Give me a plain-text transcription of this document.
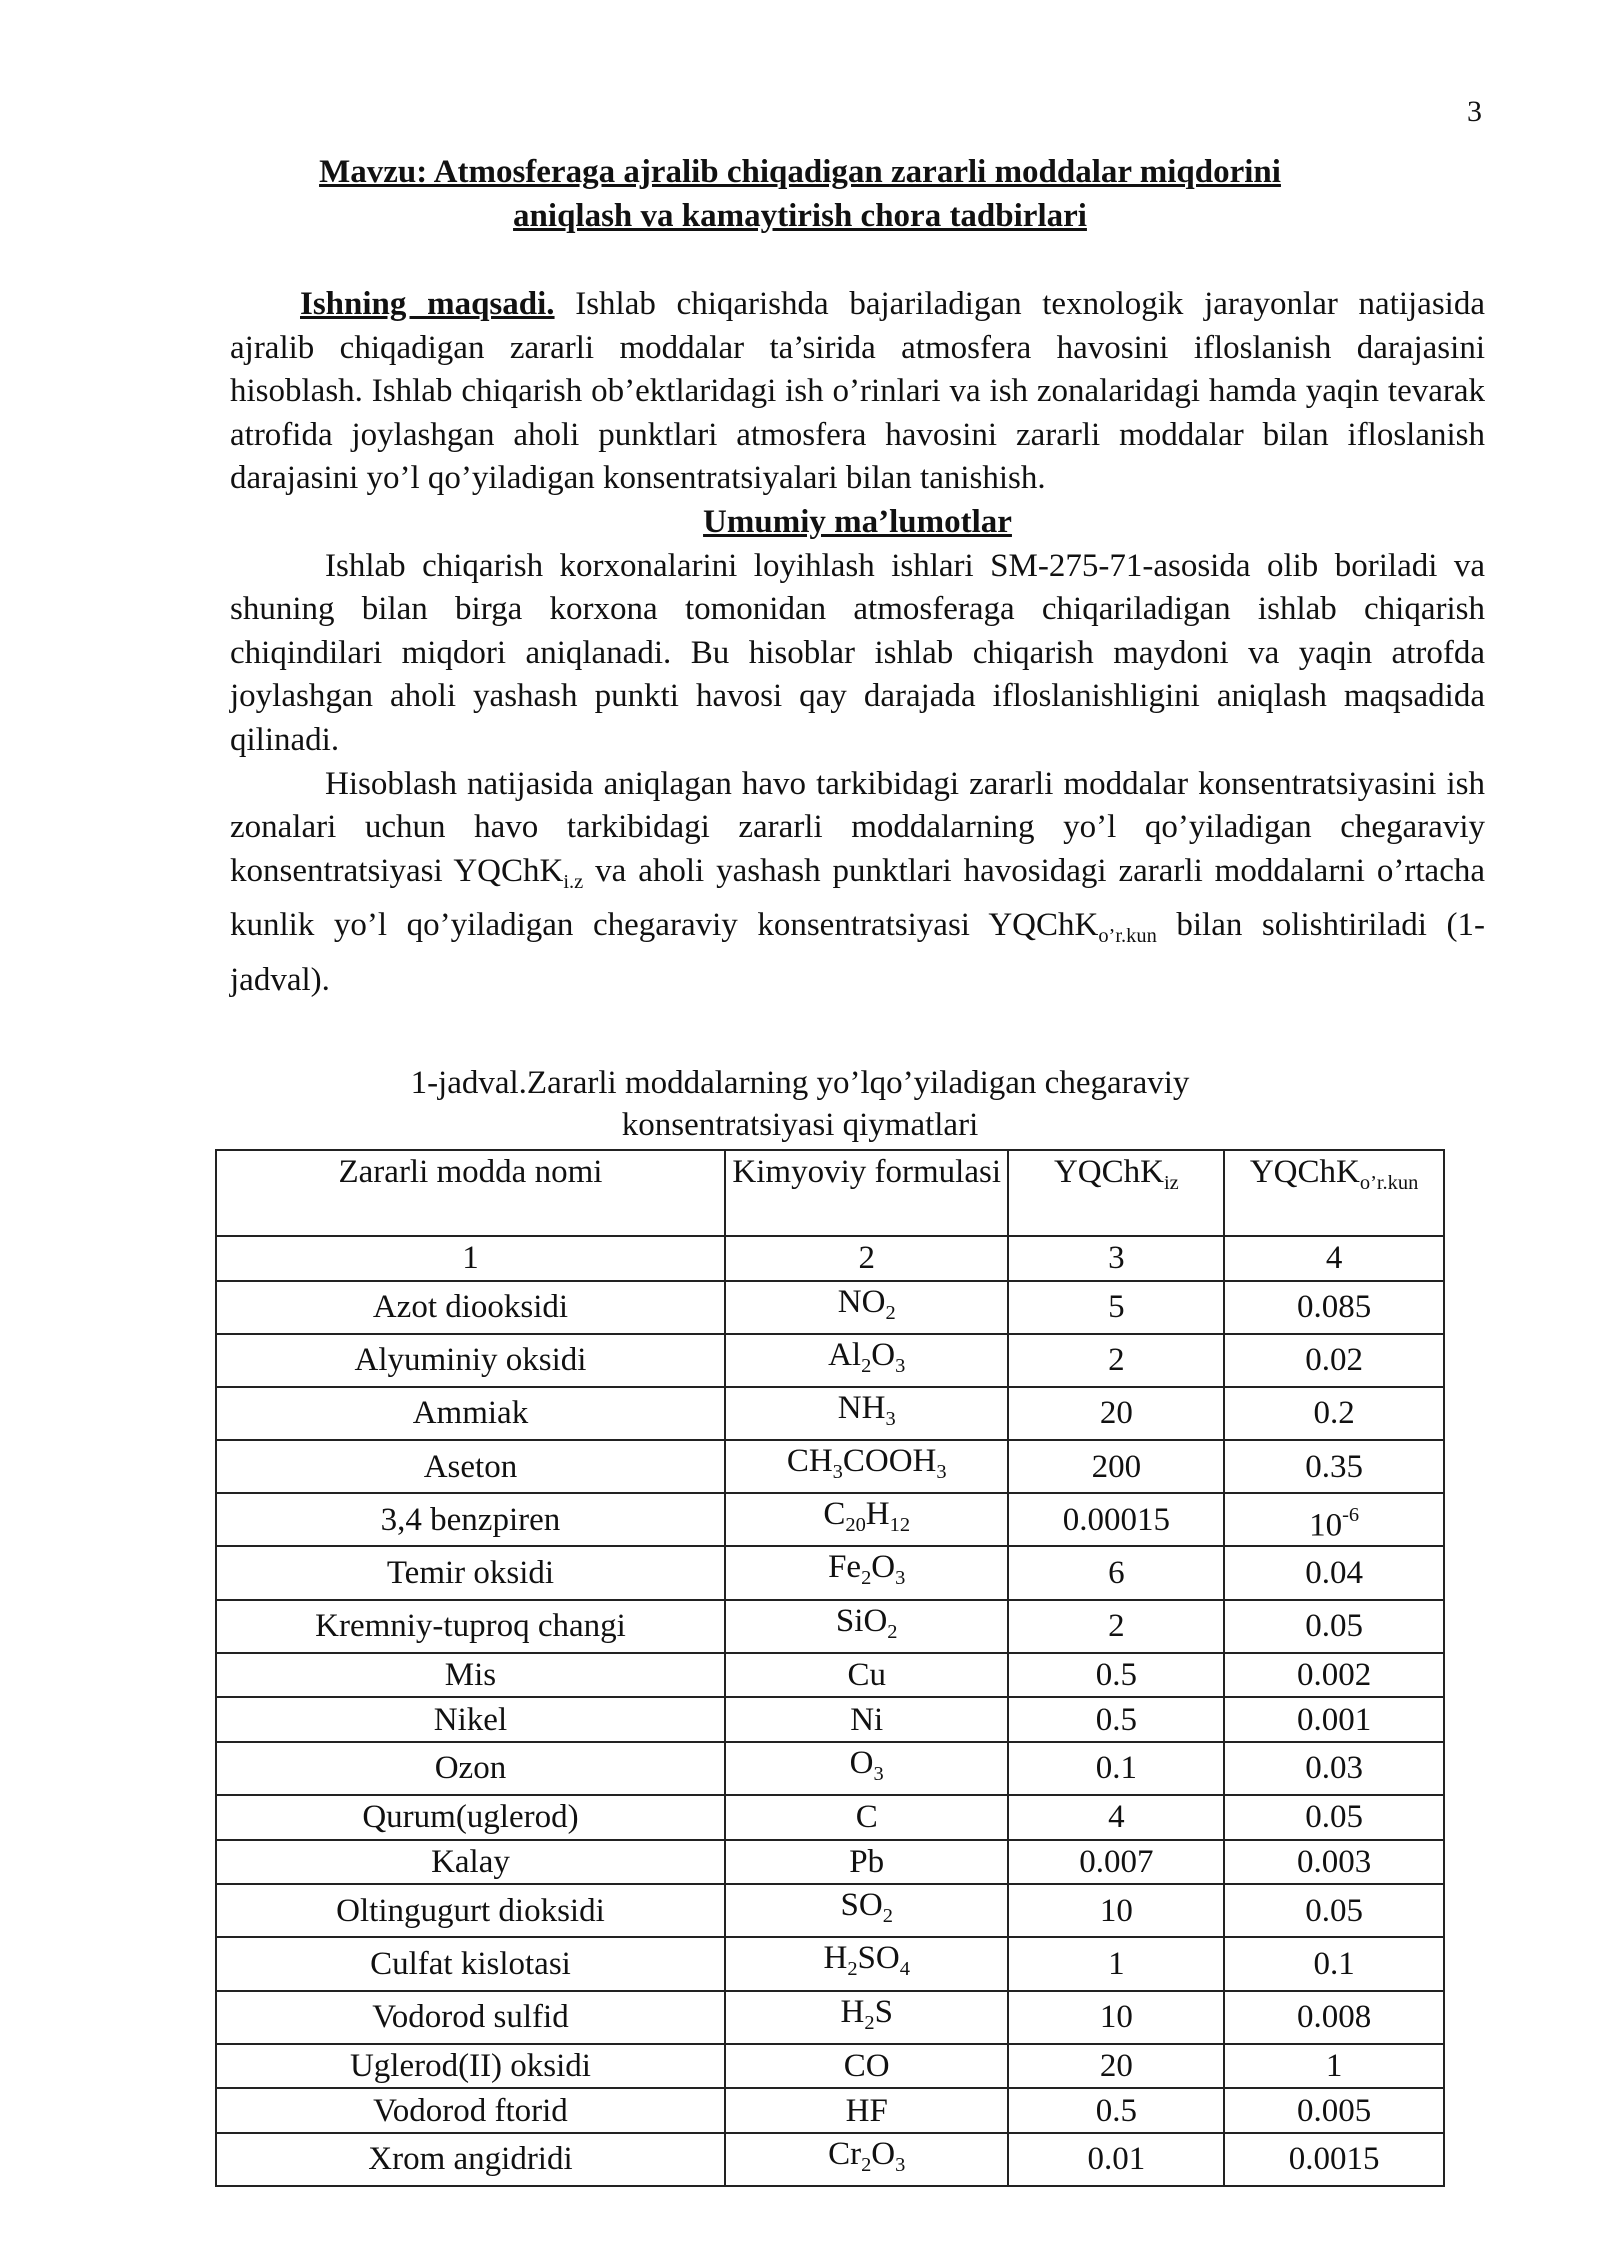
3
Mavzu: Atmosferaga ajralib chiqadigan zararli moddalar miqdorini
aniqlash va kamaytirish chora tadbirlari
Ishning maqsadi. Ishlab chiqarishda bajariladigan texnologik jarayonlar natijasida ajralib chiqadigan zararli moddalar ta’sirida atmosfera havosini ifloslanish darajasini hisoblash. Ishlab chiqarish ob’ektlaridagi ish o’rinlari va ish zonalaridagi hamda yaqin tevarak atrofida joylashgan aholi punktlari atmosfera havosini zararli moddalar bilan ifloslanish darajasini yo’l qo’yiladigan konsentratsiyalari bilan tanishish.
Umumiy ma’lumotlar
Ishlab chiqarish korxonalarini loyihlash ishlari SM-275-71-asosida olib boriladi va shuning bilan birga korxona tomonidan atmosferaga chiqariladigan ishlab chiqarish chiqindilari miqdori aniqlanadi. Bu hisoblar ishlab chiqarish maydoni va yaqin atrofda joylashgan aholi yashash punkti havosi qay darajada ifloslanishligini aniqlash maqsadida qilinadi.
Hisoblash natijasida aniqlagan havo tarkibidagi zararli moddalar konsentratsiyasini ish zonalari uchun havo tarkibidagi zararli moddalarning yo’l qo’yiladigan chegaraviy konsentratsiyasi YQChK$_{i.z}$ va aholi yashash punktlari havosidagi zararli moddalarni o’rtacha kunlik yo’l qo’yiladigan chegaraviy konsentratsiyasi YQChK$_{o’r.kun}$ bilan solishtiriladi (1-jadval).
1-jadval.Zararli moddalarning yo’lqo’yiladigan chegaraviy
konsentratsiyasi qiymatlari
Zararli modda nomi	Kimyoviy formulasi	YQChK$_{iz}$	YQChK$_{o’r.kun}$
1	2	3	4
Azot diooksidi	$NO_2$	5	0.085
Alyuminiy oksidi	$Al_2O_3$	2	0.02
Ammiak	$NH_3$	20	0.2
Aseton	$CH_3COOH_3$	200	0.35
3,4 benzpiren	$C_{20}H_{12}$	0.00015	$10^{-6}$
Temir oksidi	$Fe_2O_3$	6	0.04
Kremniy-tuproq changi	SiO$_2$	2	0.05
Mis	Cu	0.5	0.002
Nikel	Ni	0.5	0.001
Ozon	$O_3$	0.1	0.03
Qurum(uglerod)	C	4	0.05
Kalay	Pb	0.007	0.003
Oltingugurt dioksidi	$SO_2$	10	0.05
Culfat kislotasi	$H_2SO_4$	1	0.1
Vodorod sulfid	$H_2S$	10	0.008
Uglerod(II) oksidi	CO	20	1
Vodorod ftorid	HF	0.5	0.005
Xrom angidridi	$Cr_2O_3$	0.01	0.0015
